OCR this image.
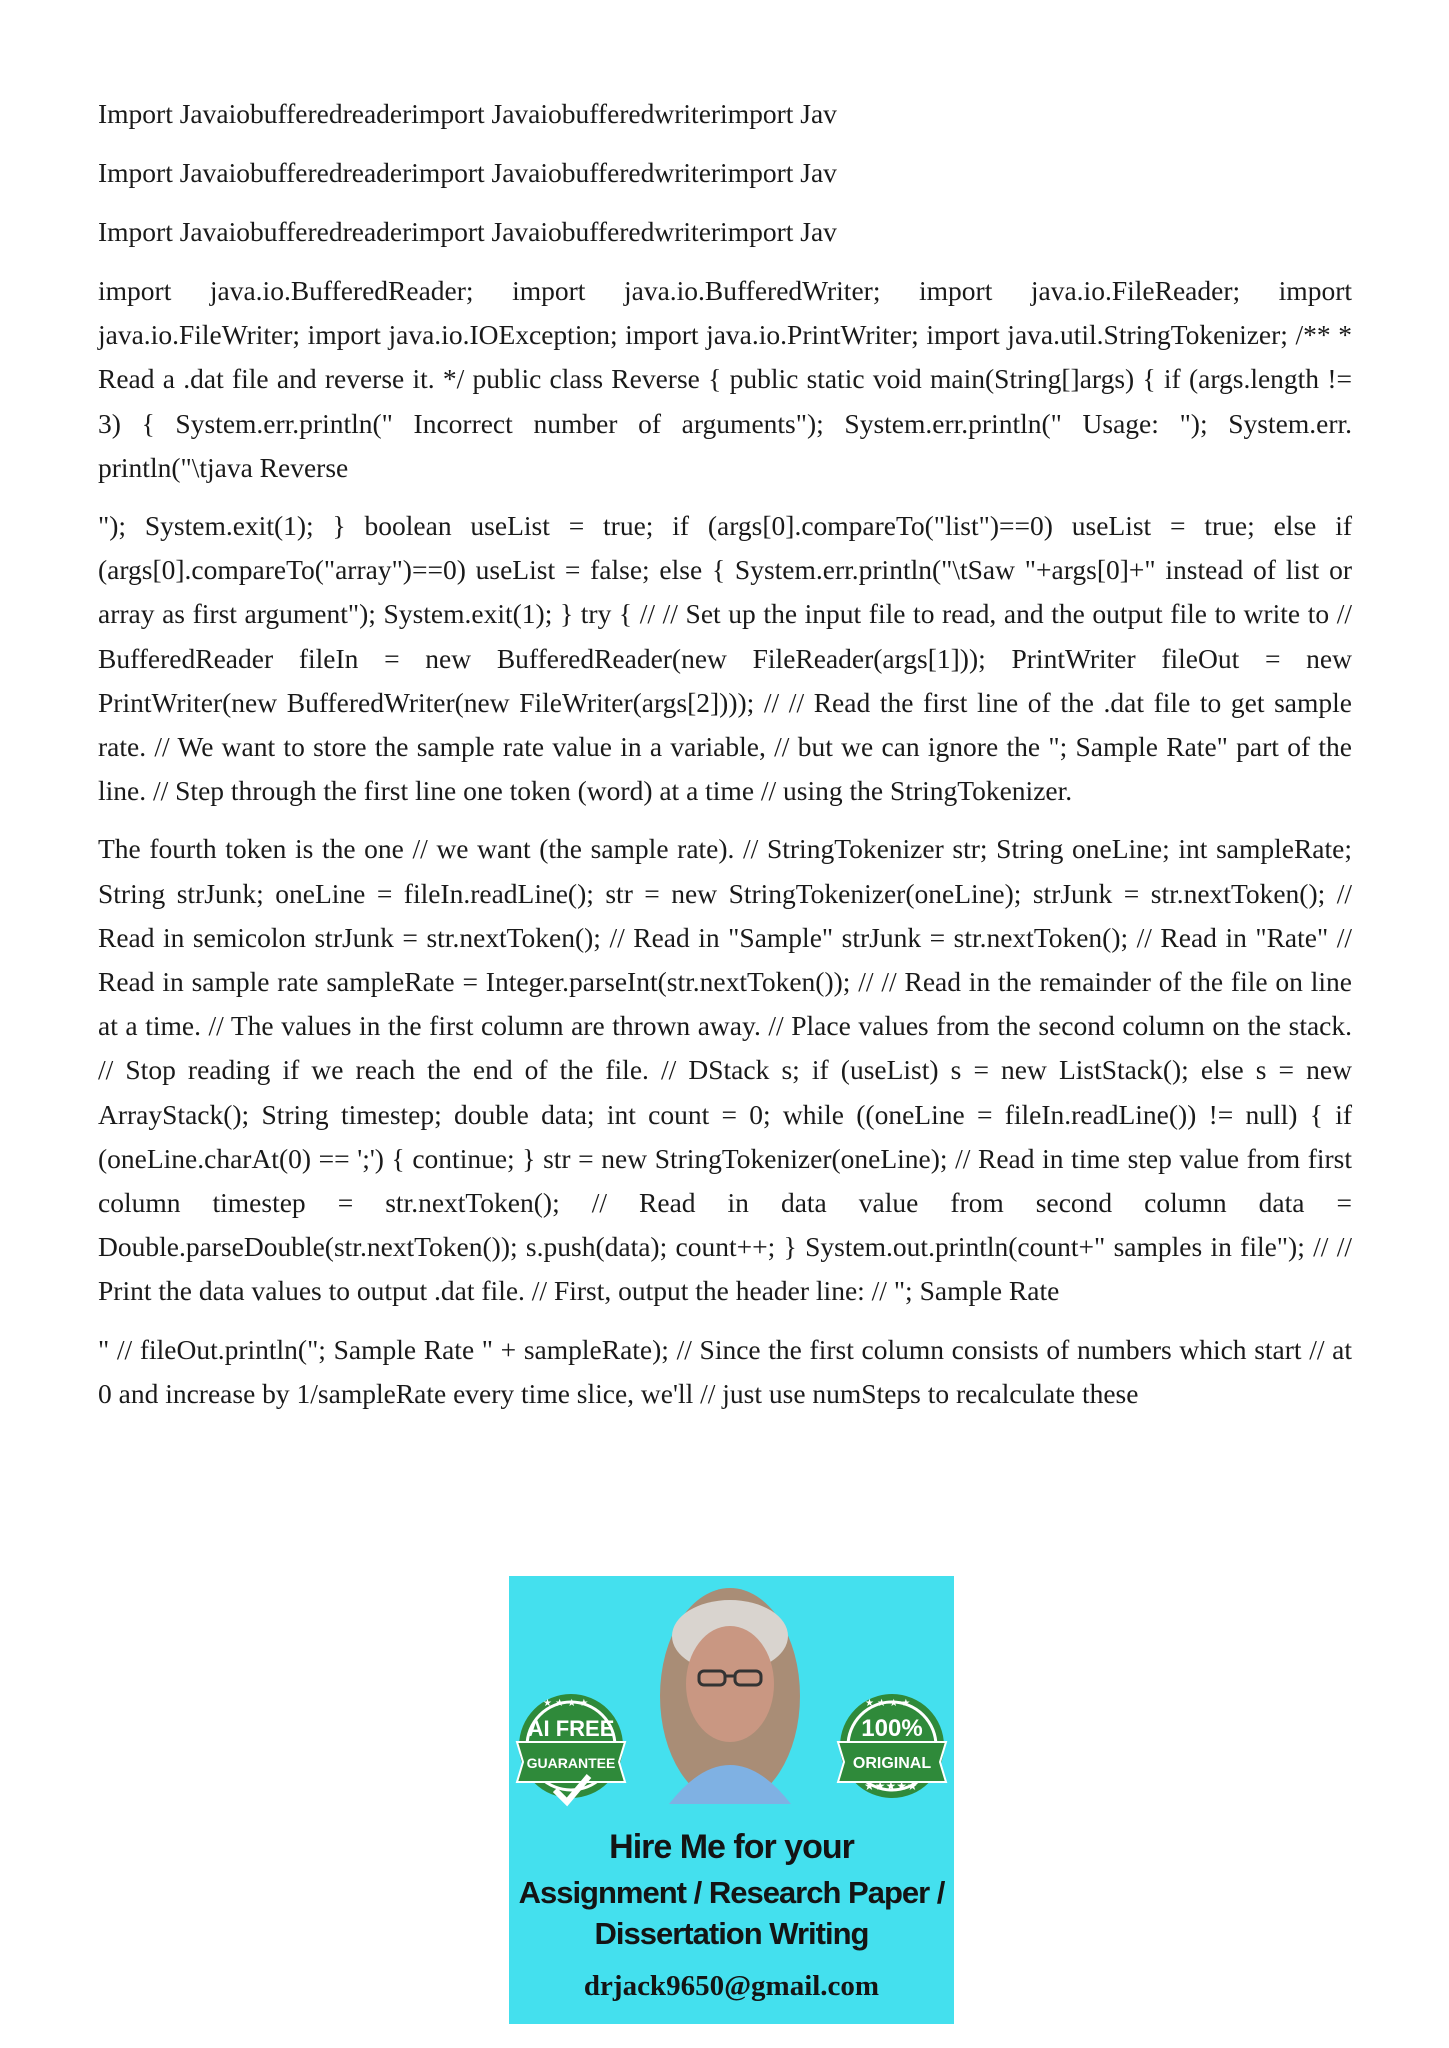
Import Javaiobufferedreaderimport Javaiobufferedwriterimport Jav
Import Javaiobufferedreaderimport Javaiobufferedwriterimport Jav
Import Javaiobufferedreaderimport Javaiobufferedwriterimport Jav

import java.io.BufferedReader; import java.io.BufferedWriter; import java.io.FileReader; import java.io.FileWriter; import java.io.IOException; import java.io.PrintWriter; import java.util.StringTokenizer; /** * Read a .dat file and reverse it. */ public class Reverse { public static void main(String[]args) { if (args.length != 3) { System.err.println(" Incorrect number of arguments"); System.err.println(" Usage: "); System.err. println("\tjava Reverse

"); System.exit(1); } boolean useList = true; if (args[0].compareTo("list")==0) useList = true; else if (args[0].compareTo("array")==0) useList = false; else { System.err.println("\tSaw "+args[0]+" instead of list or array as first argument"); System.exit(1); } try { // // Set up the input file to read, and the output file to write to // BufferedReader fileIn = new BufferedReader(new FileReader(args[1])); PrintWriter fileOut = new PrintWriter(new BufferedWriter(new FileWriter(args[2]))); // // Read the first line of the .dat file to get sample rate. // We want to store the sample rate value in a variable, // but we can ignore the "; Sample Rate" part of the line. // Step through the first line one token (word) at a time // using the StringTokenizer.

The fourth token is the one // we want (the sample rate). // StringTokenizer str; String oneLine; int sampleRate; String strJunk; oneLine = fileIn.readLine(); str = new StringTokenizer(oneLine); strJunk = str.nextToken(); // Read in semicolon strJunk = str.nextToken(); // Read in "Sample" strJunk = str.nextToken(); // Read in "Rate" // Read in sample rate sampleRate = Integer.parseInt(str.nextToken()); // // Read in the remainder of the file on line at a time. // The values in the first column are thrown away. // Place values from the second column on the stack. // Stop reading if we reach the end of the file. // DStack s; if (useList) s = new ListStack(); else s = new ArrayStack(); String timestep; double data; int count = 0; while ((oneLine = fileIn.readLine()) != null) { if (oneLine.charAt(0) == ';') { continue; } str = new StringTokenizer(oneLine); // Read in time step value from first column timestep = str.nextToken(); // Read in data value from second column data = Double.parseDouble(str.nextToken()); s.push(data); count++; } System.out.println(count+" samples in file"); // // Print the data values to output .dat file. // First, output the header line: // "; Sample Rate

" // fileOut.println("; Sample Rate " + sampleRate); // Since the first column consists of numbers which start // at 0 and increase by 1/sampleRate every time slice, we'll // just use numSteps to recalculate these

★ ★ ★ ★
★★★★★
★ ★ ★ ★
AI FREE
GUARANTEE
100%
ORIGINAL
Hire Me for your
Assignment / Research Paper /
Dissertation Writing
drjack9650@gmail.com
